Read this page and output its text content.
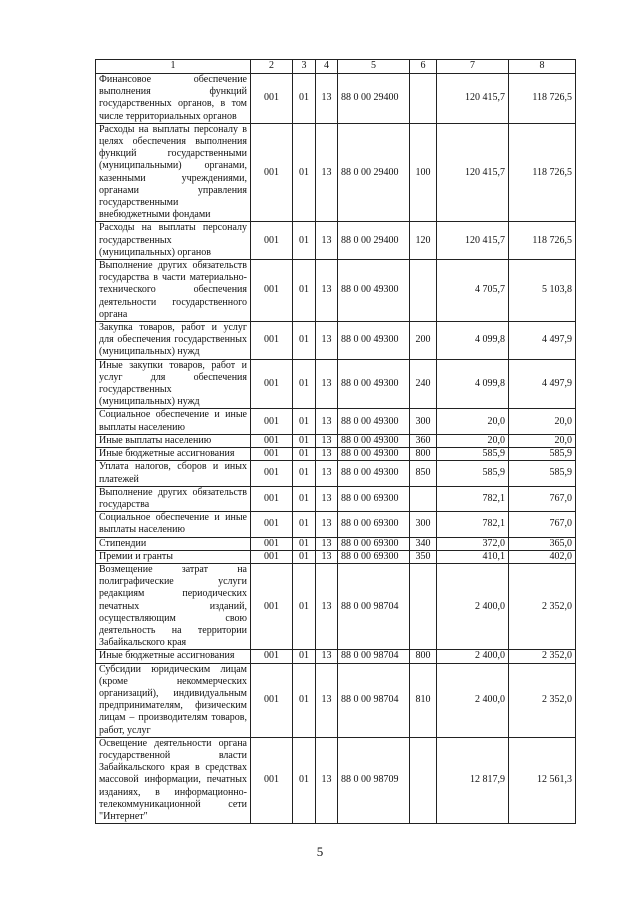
1	2	3	4	5	6	7	8
Финансовое обеспечение выполнения функций государственных органов, в том числе территориальных органов	001	01	13	88 0 00 29400		120 415,7	118 726,5
Расходы на выплаты персоналу в целях обеспечения выполнения функций государственными (муниципальными) органами, казенными учреждениями, органами управления государственными внебюджетными фондами	001	01	13	88 0 00 29400	100	120 415,7	118 726,5
Расходы на выплаты персоналу государственных (муниципальных) органов	001	01	13	88 0 00 29400	120	120 415,7	118 726,5
Выполнение других обязательств государства в части материально-технического обеспечения деятельности государственного органа	001	01	13	88 0 00 49300		4 705,7	5 103,8
Закупка товаров, работ и услуг для обеспечения государственных (муниципальных) нужд	001	01	13	88 0 00 49300	200	4 099,8	4 497,9
Иные закупки товаров, работ и услуг для обеспечения государственных (муниципальных) нужд	001	01	13	88 0 00 49300	240	4 099,8	4 497,9
Социальное обеспечение и иные выплаты населению	001	01	13	88 0 00 49300	300	20,0	20,0
Иные выплаты населению	001	01	13	88 0 00 49300	360	20,0	20,0
Иные бюджетные ассигнования	001	01	13	88 0 00 49300	800	585,9	585,9
Уплата налогов, сборов и иных платежей	001	01	13	88 0 00 49300	850	585,9	585,9
Выполнение других обязательств государства	001	01	13	88 0 00 69300		782,1	767,0
Социальное обеспечение и иные выплаты населению	001	01	13	88 0 00 69300	300	782,1	767,0
Стипендии	001	01	13	88 0 00 69300	340	372,0	365,0
Премии и гранты	001	01	13	88 0 00 69300	350	410,1	402,0
Возмещение затрат на полиграфические услуги редакциям периодических печатных изданий, осуществляющим свою деятельность на территории Забайкальского края	001	01	13	88 0 00 98704		2 400,0	2 352,0
Иные бюджетные ассигнования	001	01	13	88 0 00 98704	800	2 400,0	2 352,0
Субсидии юридическим лицам (кроме некоммерческих организаций), индивидуальным предпринимателям, физическим лицам – производителям товаров, работ, услуг	001	01	13	88 0 00 98704	810	2 400,0	2 352,0
Освещение деятельности органа государственной власти Забайкальского края в средствах массовой информации, печатных изданиях, в информационно-телекоммуникационной сети "Интернет"	001	01	13	88 0 00 98709		12 817,9	12 561,3
5
